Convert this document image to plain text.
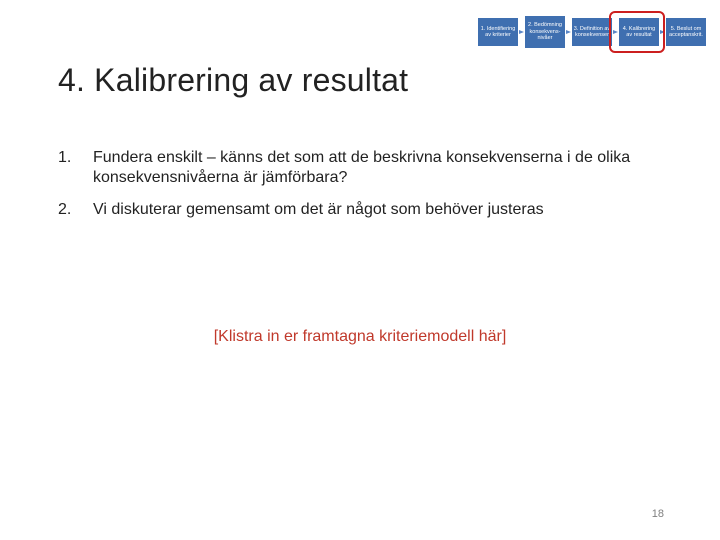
1. Identifiering
av kriterier
2. Bedömning
konsekvens-
nivåer
3. Definition av
konsekvenser
4. Kalibrering
av resultat
5. Beslut om
acceptanskrit.
4. Kalibrering av resultat
1. Fundera enskilt – känns det som att de beskrivna konsekvenserna i de olika konsekvensnivåerna är jämförbara?
2. Vi diskuterar gemensamt om det är något som behöver justeras
[Klistra in er framtagna kriteriemodell här]
18
